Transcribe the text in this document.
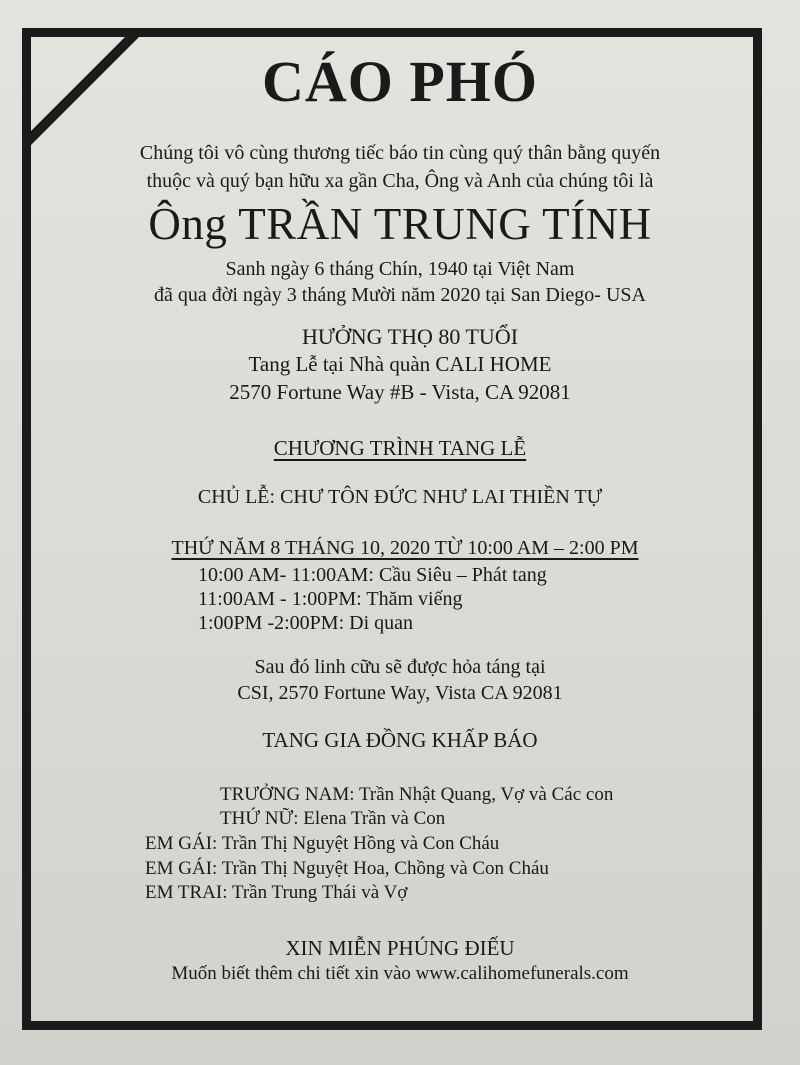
CÁO PHÓ
Chúng tôi vô cùng thương tiếc báo tin cùng quý thân bằng quyến
thuộc và quý bạn hữu xa gần Cha, Ông và Anh của chúng tôi là
Ông TRẦN TRUNG TÍNH
Sanh ngày 6 tháng Chín, 1940 tại Việt Nam
đã qua đời ngày 3 tháng Mười năm 2020 tại San Diego- USA
HƯỞNG THỌ 80 TUỔI
Tang Lễ tại Nhà quàn CALI HOME
2570 Fortune Way #B - Vista, CA 92081
CHƯƠNG TRÌNH TANG LỄ
CHỦ LỄ: CHƯ TÔN ĐỨC NHƯ LAI THIỀN TỰ
THỨ NĂM 8 THÁNG 10, 2020 TỪ 10:00 AM – 2:00 PM
10:00 AM- 11:00AM: Cầu Siêu – Phát tang
11:00AM - 1:00PM: Thăm viếng
1:00PM -2:00PM: Di quan
Sau đó linh cữu sẽ được hỏa táng tại
CSI, 2570 Fortune Way, Vista CA 92081
TANG GIA ĐỒNG KHẤP BÁO
TRƯỞNG NAM: Trần Nhật Quang, Vợ và Các con
THỨ NỮ: Elena Trần và Con
EM GÁI: Trần Thị Nguyệt Hồng và Con Cháu
EM GÁI: Trần Thị Nguyệt Hoa, Chồng và Con Cháu
EM TRAI: Trần Trung Thái và Vợ
XIN MIỄN PHÚNG ĐIẾU
Muốn biết thêm chi tiết xin vào www.calihomefunerals.com
